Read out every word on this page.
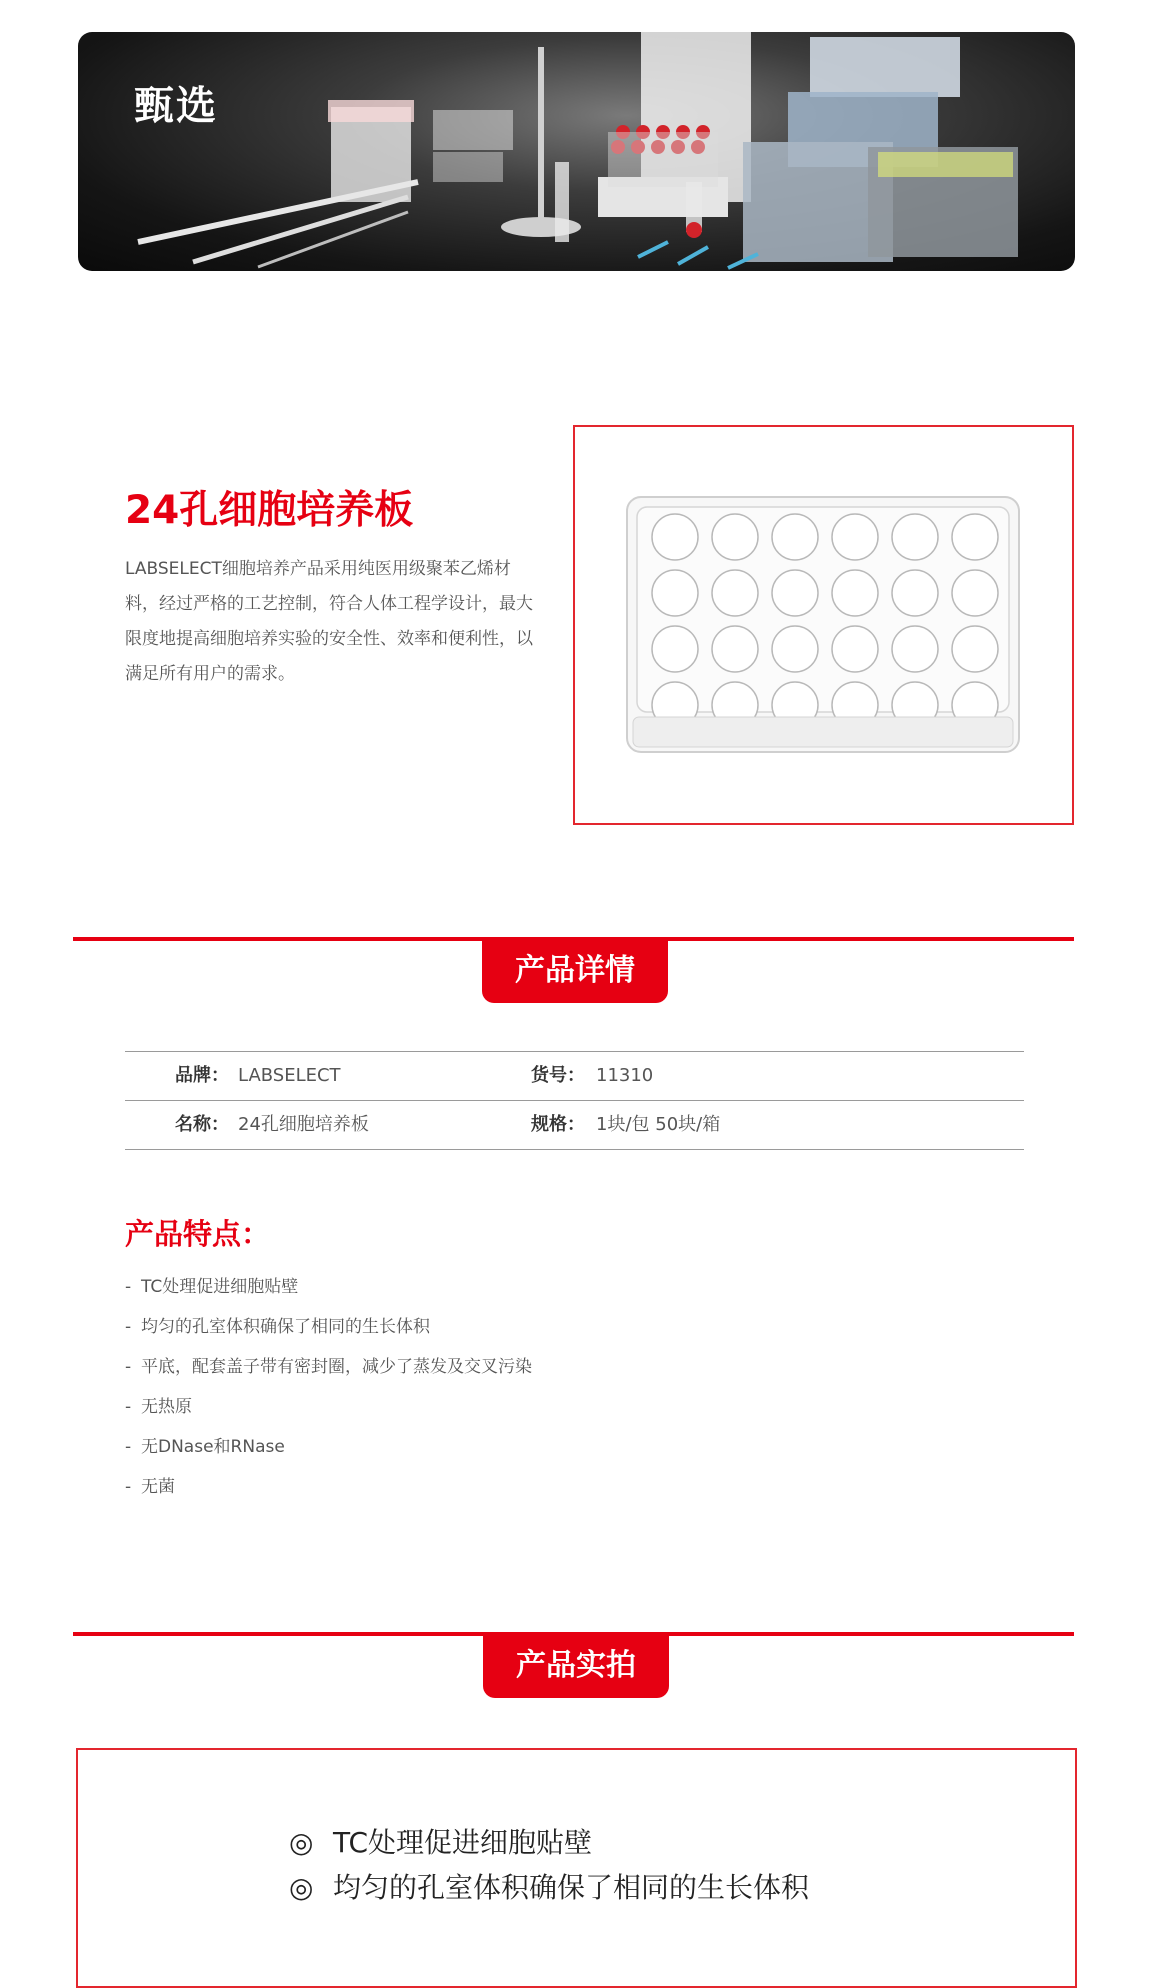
甄选
24孔细胞培养板

LABSELECT细胞培养产品采用纯医用级聚苯乙烯材料，经过严格的工艺控制，符合人体工程学设计，最大限度地提高细胞培养实验的安全性、效率和便利性，以满足所有用户的需求。

产品详情
品牌： LABSELECT	货号： 11310
名称： 24孔细胞培养板	规格： 1块/包 50块/箱
产品特点：
- TC处理促进细胞贴壁
- 均匀的孔室体积确保了相同的生长体积
- 平底，配套盖子带有密封圈，减少了蒸发及交叉污染
- 无热原
- 无DNase和RNase
- 无菌
产品实拍
◎ TC处理促进细胞贴壁
◎ 均匀的孔室体积确保了相同的生长体积
